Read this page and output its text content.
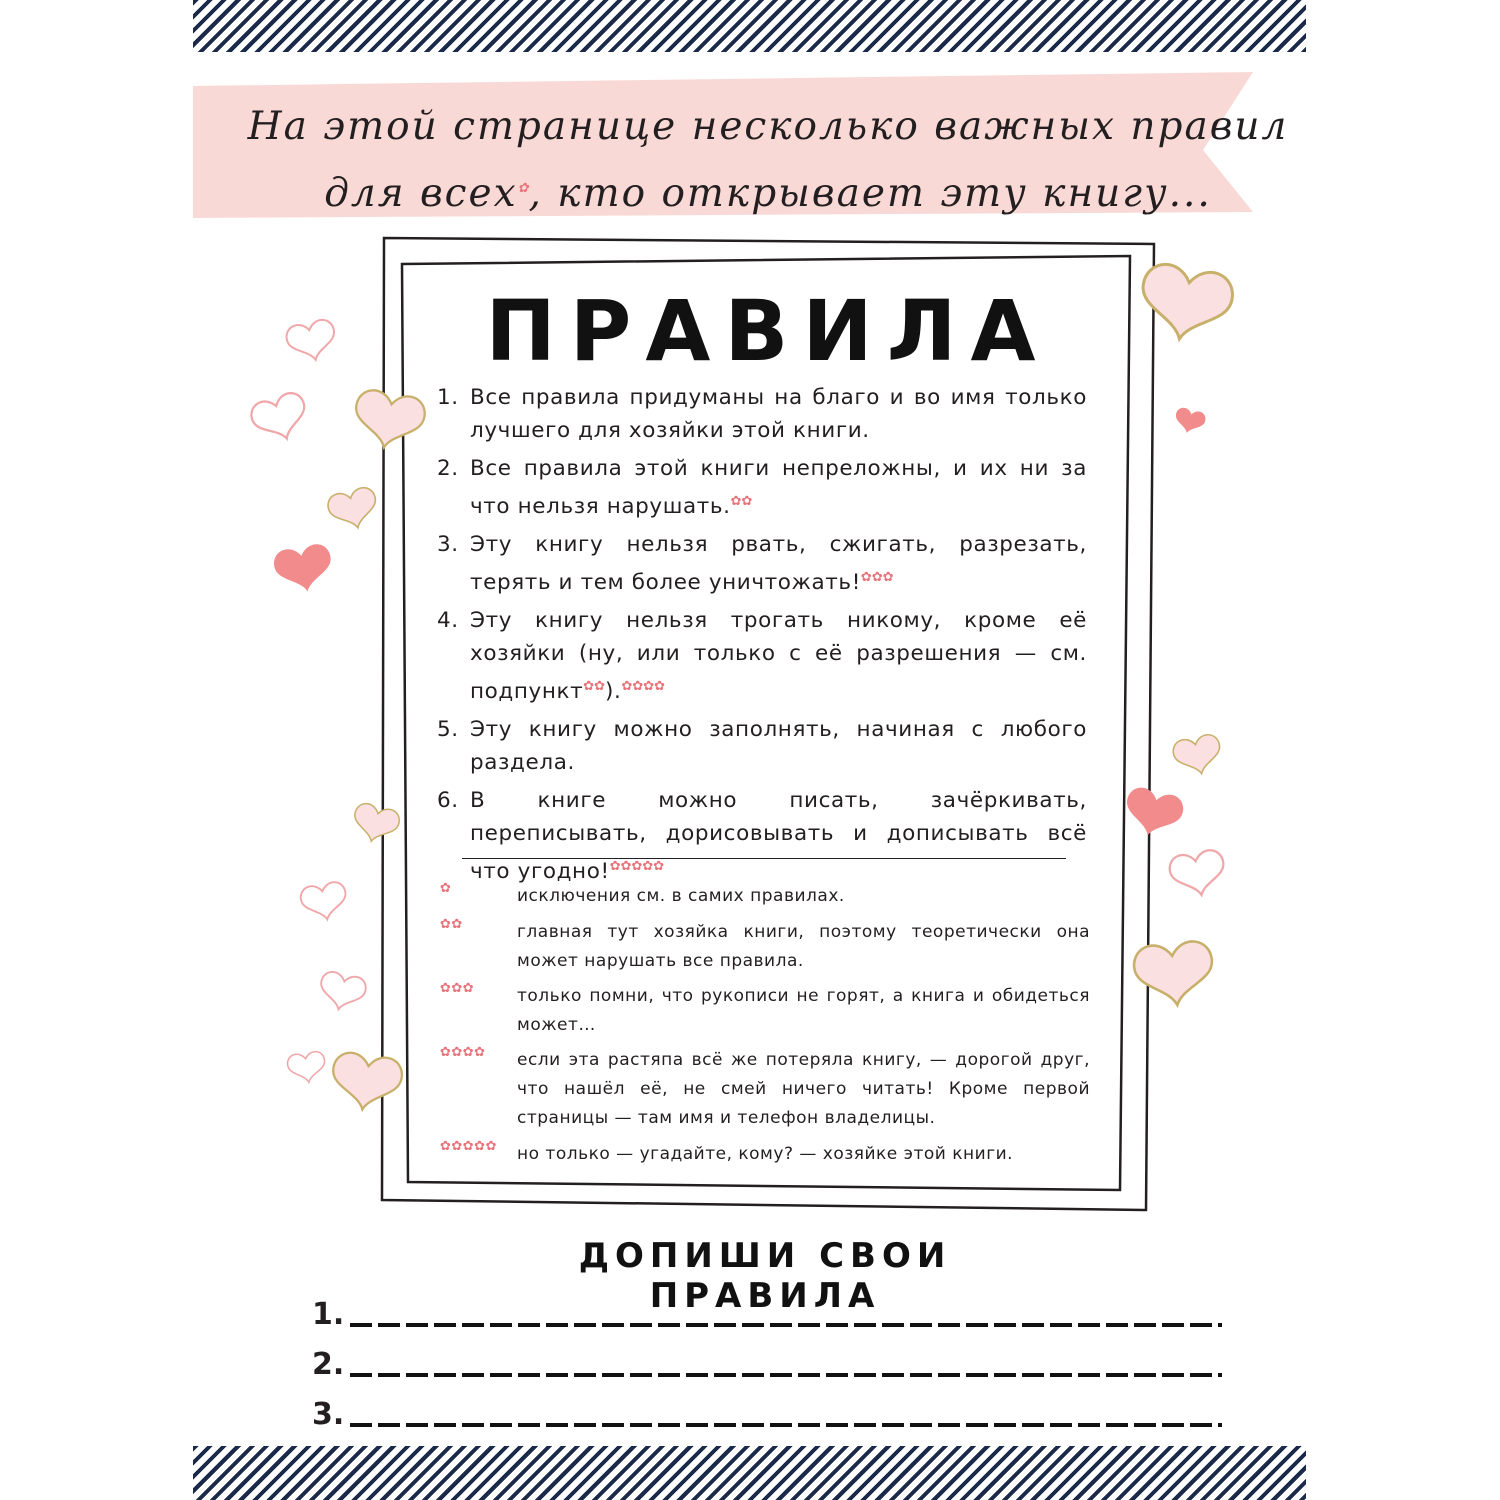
На этой странице несколько важных правил
для всех✿, кто открывает эту книгу...
ПРАВИЛА
1. Все правила придуманы на благо и во имя только лучшего для хозяйки этой книги.
2. Все правила этой книги непреложны, и их ни за что нельзя нарушать.✿✿
3. Эту книгу нельзя рвать, сжигать, разрезать, терять и тем более уничтожать!✿✿✿
4. Эту книгу нельзя трогать никому, кроме её хозяйки (ну, или только с её разрешения — см. подпункт✿✿).✿✿✿✿
5. Эту книгу можно заполнять, начиная с любого раздела.
6. В книге можно писать, зачёркивать, переписывать, дорисовывать и дописывать всё что угодно!✿✿✿✿✿
✿	исключения см. в самих правилах.
✿✿	главная тут хозяйка книги, поэтому теоретически она может нарушать все правила.
✿✿✿	только помни, что рукописи не горят, а книга и обидеться может…
✿✿✿✿	если эта растяпа всё же потеряла книгу, — дорогой друг, что нашёл её, не смей ничего читать! Кроме первой страницы — там имя и телефон владелицы.
✿✿✿✿✿	но только — угадайте, кому? — хозяйке этой книги.
ДОПИШИ СВОИ ПРАВИЛА
1.
2.
3.
